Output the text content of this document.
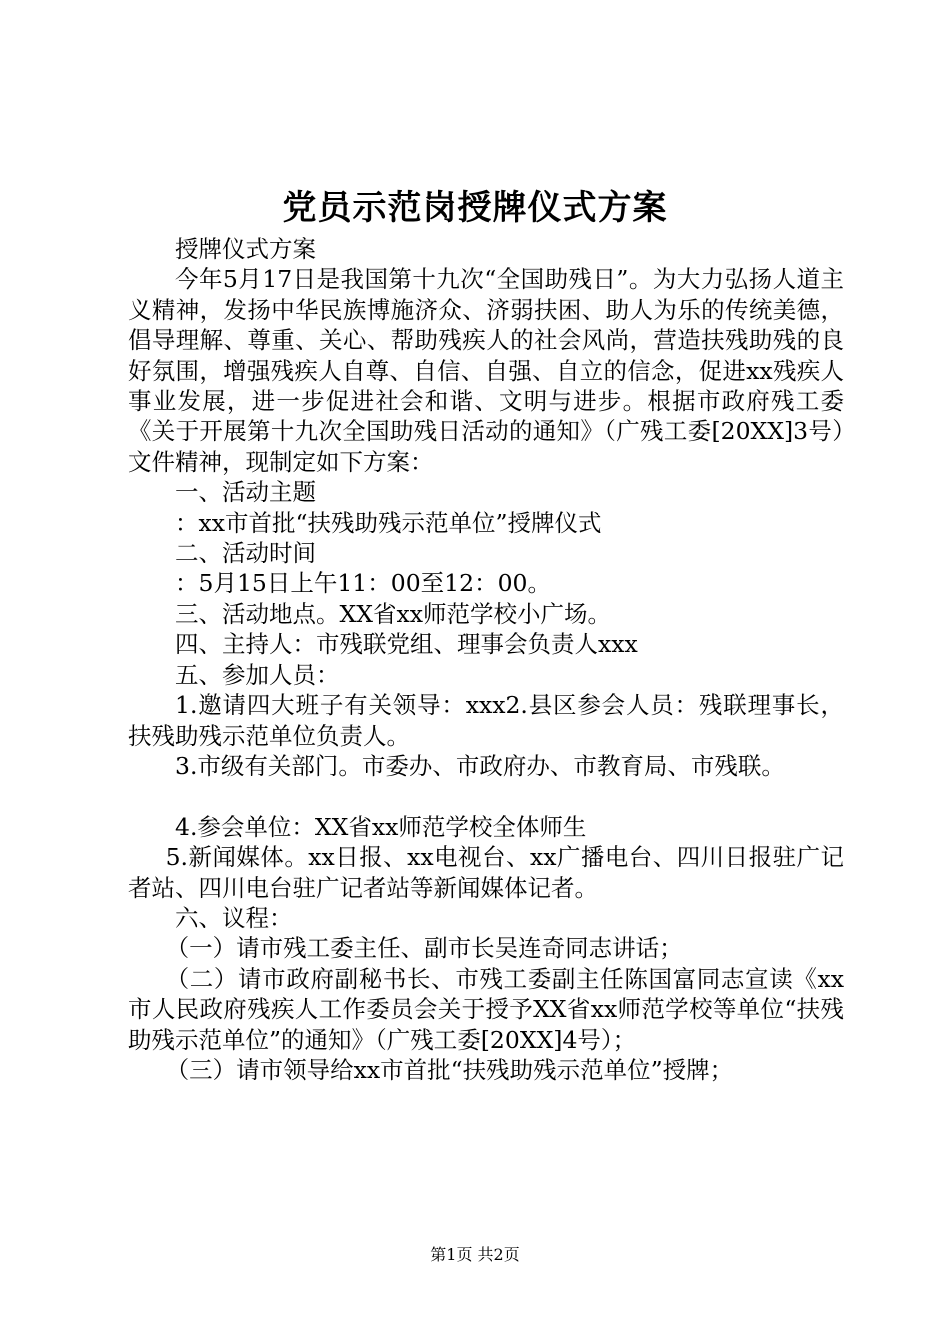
党员示范岗授牌仪式方案

授牌仪式方案

今年5月17日是我国第十九次“全国助残日”。为大力弘扬人道主义精神，发扬中华民族博施济众、济弱扶困、助人为乐的传统美德，倡导理解、尊重、关心、帮助残疾人的社会风尚，营造扶残助残的良好氛围，增强残疾人自尊、自信、自强、自立的信念，促进xx残疾人事业发展，进一步促进社会和谐、文明与进步。根据市政府残工委《关于开展第十九次全国助残日活动的通知》（广残工委[20XX]3号）文件精神，现制定如下方案：

一、活动主题

：xx市首批“扶残助残示范单位”授牌仪式

二、活动时间

：5月15日上午11：00至12：00。

三、活动地点。XX省xx师范学校小广场。

四、主持人：市残联党组、理事会负责人xxx

五、参加人员：

1.邀请四大班子有关领导：xxx2.县区参会人员：残联理事长，扶残助残示范单位负责人。

3.市级有关部门。市委办、市政府办、市教育局、市残联。

4.参会单位：XX省xx师范学校全体师生

5.新闻媒体。xx日报、xx电视台、xx广播电台、四川日报驻广记者站、四川电台驻广记者站等新闻媒体记者。

六、议程：

（一）请市残工委主任、副市长吴连奇同志讲话；

（二）请市政府副秘书长、市残工委副主任陈国富同志宣读《xx市人民政府残疾人工作委员会关于授予XX省xx师范学校等单位“扶残助残示范单位”的通知》（广残工委[20XX]4号）；

（三）请市领导给xx市首批“扶残助残示范单位”授牌；

第1页 共2页
